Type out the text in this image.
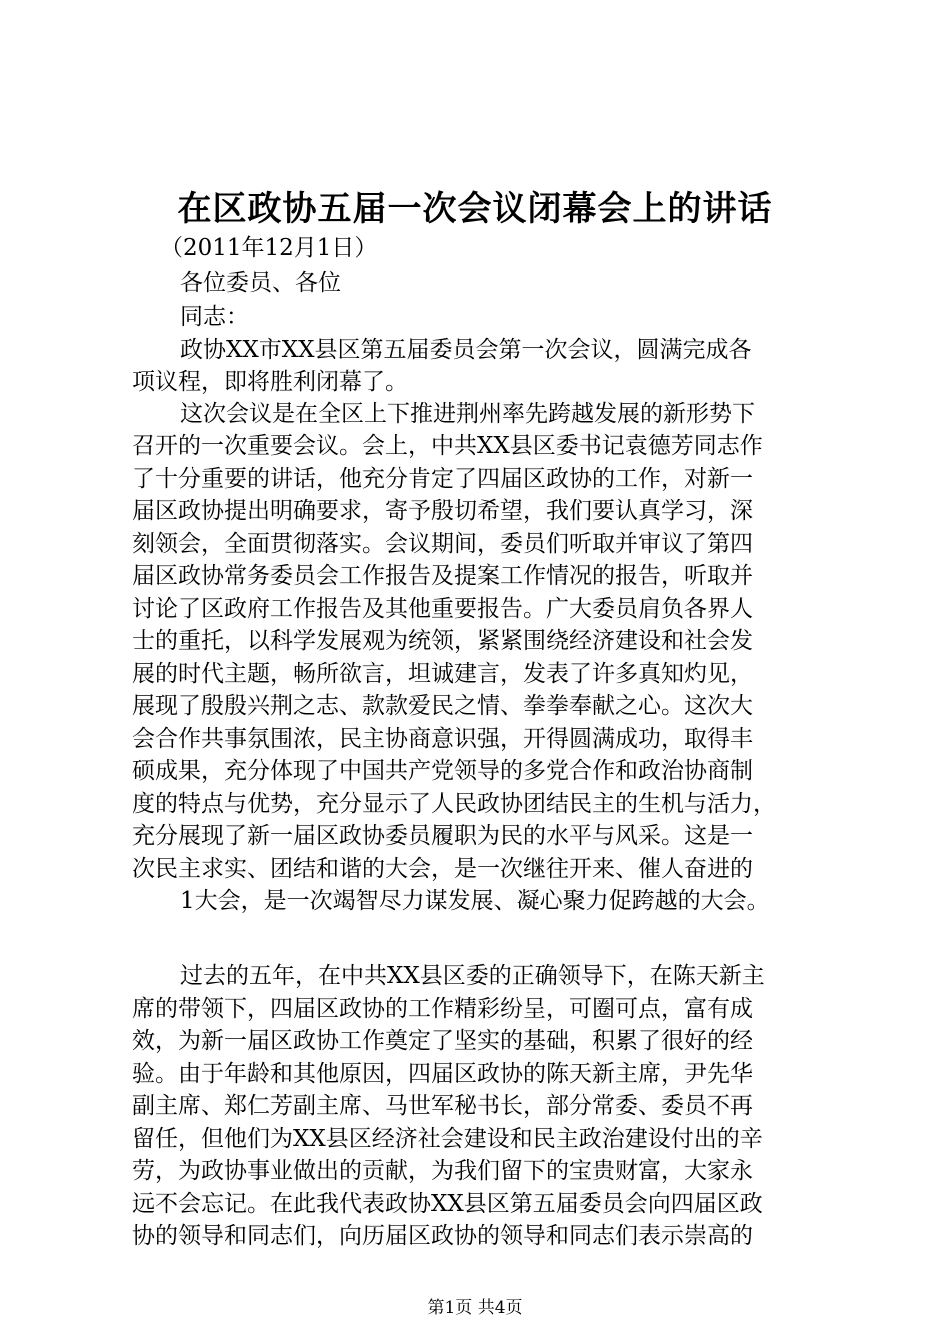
在区政协五届一次会议闭幕会上的讲话
（2011年12月1日）
各位委员、各位
同志：
政协XX市XX县区第五届委员会第一次会议，圆满完成各
项议程，即将胜利闭幕了。
这次会议是在全区上下推进荆州率先跨越发展的新形势下
召开的一次重要会议。会上，中共XX县区委书记袁德芳同志作
了十分重要的讲话，他充分肯定了四届区政协的工作，对新一
届区政协提出明确要求，寄予殷切希望，我们要认真学习，深
刻领会，全面贯彻落实。会议期间，委员们听取并审议了第四
届区政协常务委员会工作报告及提案工作情况的报告，听取并
讨论了区政府工作报告及其他重要报告。广大委员肩负各界人
士的重托，以科学发展观为统领，紧紧围绕经济建设和社会发
展的时代主题，畅所欲言，坦诚建言，发表了许多真知灼见，
展现了殷殷兴荆之志、款款爱民之情、拳拳奉献之心。这次大
会合作共事氛围浓，民主协商意识强，开得圆满成功，取得丰
硕成果，充分体现了中国共产党领导的多党合作和政治协商制
度的特点与优势，充分显示了人民政协团结民主的生机与活力，
充分展现了新一届区政协委员履职为民的水平与风采。这是一
次民主求实、团结和谐的大会，是一次继往开来、催人奋进的
1大会，是一次竭智尽力谋发展、凝心聚力促跨越的大会。
过去的五年，在中共XX县区委的正确领导下，在陈天新主
席的带领下，四届区政协的工作精彩纷呈，可圈可点，富有成
效，为新一届区政协工作奠定了坚实的基础，积累了很好的经
验。由于年龄和其他原因，四届区政协的陈天新主席，尹先华
副主席、郑仁芳副主席、马世军秘书长，部分常委、委员不再
留任，但他们为XX县区经济社会建设和民主政治建设付出的辛
劳，为政协事业做出的贡献，为我们留下的宝贵财富，大家永
远不会忘记。在此我代表政协XX县区第五届委员会向四届区政
协的领导和同志们，向历届区政协的领导和同志们表示崇高的
第1页 共4页
